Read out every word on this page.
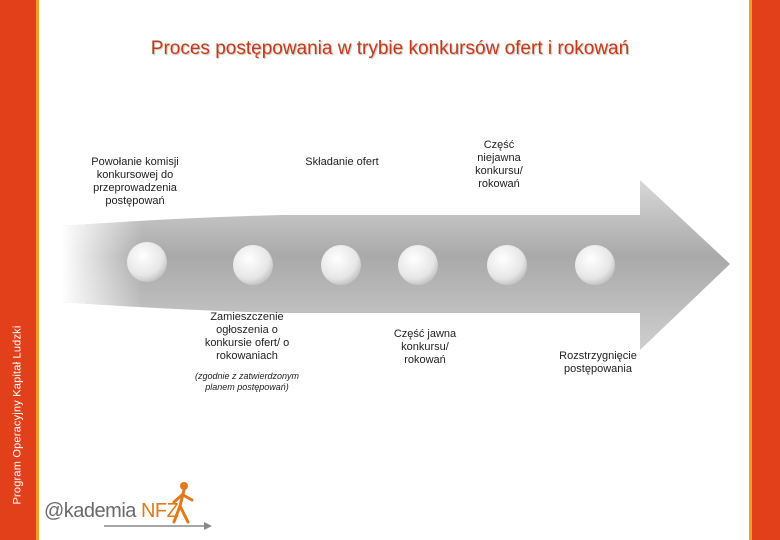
Program Operacyjny Kapitał Ludzki
Proces postępowania w trybie konkursów ofert i rokowań
Powołanie komisji konkursowej do przeprowadzenia postępowań
Składanie ofert
Część niejawna konkursu/ rokowań
Zamieszczenie ogłoszenia o konkursie ofert/ o rokowaniach
(zgodnie z zatwierdzonym planem postępowań)
Część jawna konkursu/ rokowań	Rozstrzygnięcie postępowania
@kademia NFZ
